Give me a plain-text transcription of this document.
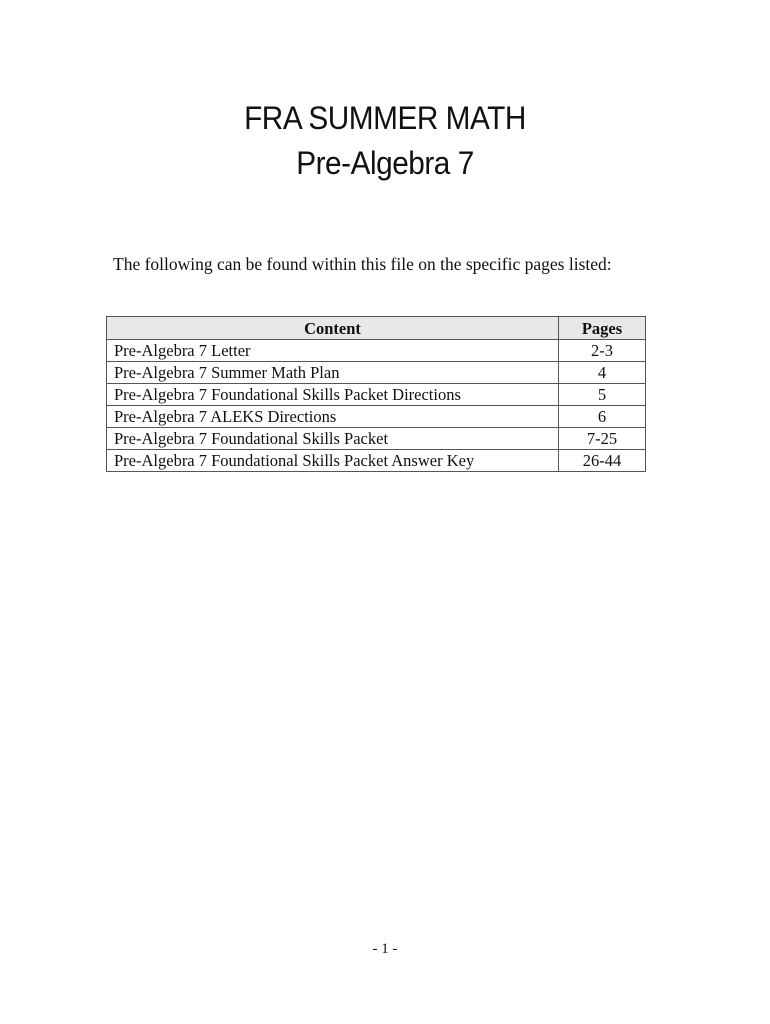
FRA SUMMER MATH
Pre-Algebra 7
The following can be found within this file on the specific pages listed:
Content	Pages
Pre-Algebra 7 Letter	2-3
Pre-Algebra 7 Summer Math Plan	4
Pre-Algebra 7 Foundational Skills Packet Directions	5
Pre-Algebra 7 ALEKS Directions	6
Pre-Algebra 7 Foundational Skills Packet	7-25
Pre-Algebra 7 Foundational Skills Packet Answer Key	26-44
- 1 -
